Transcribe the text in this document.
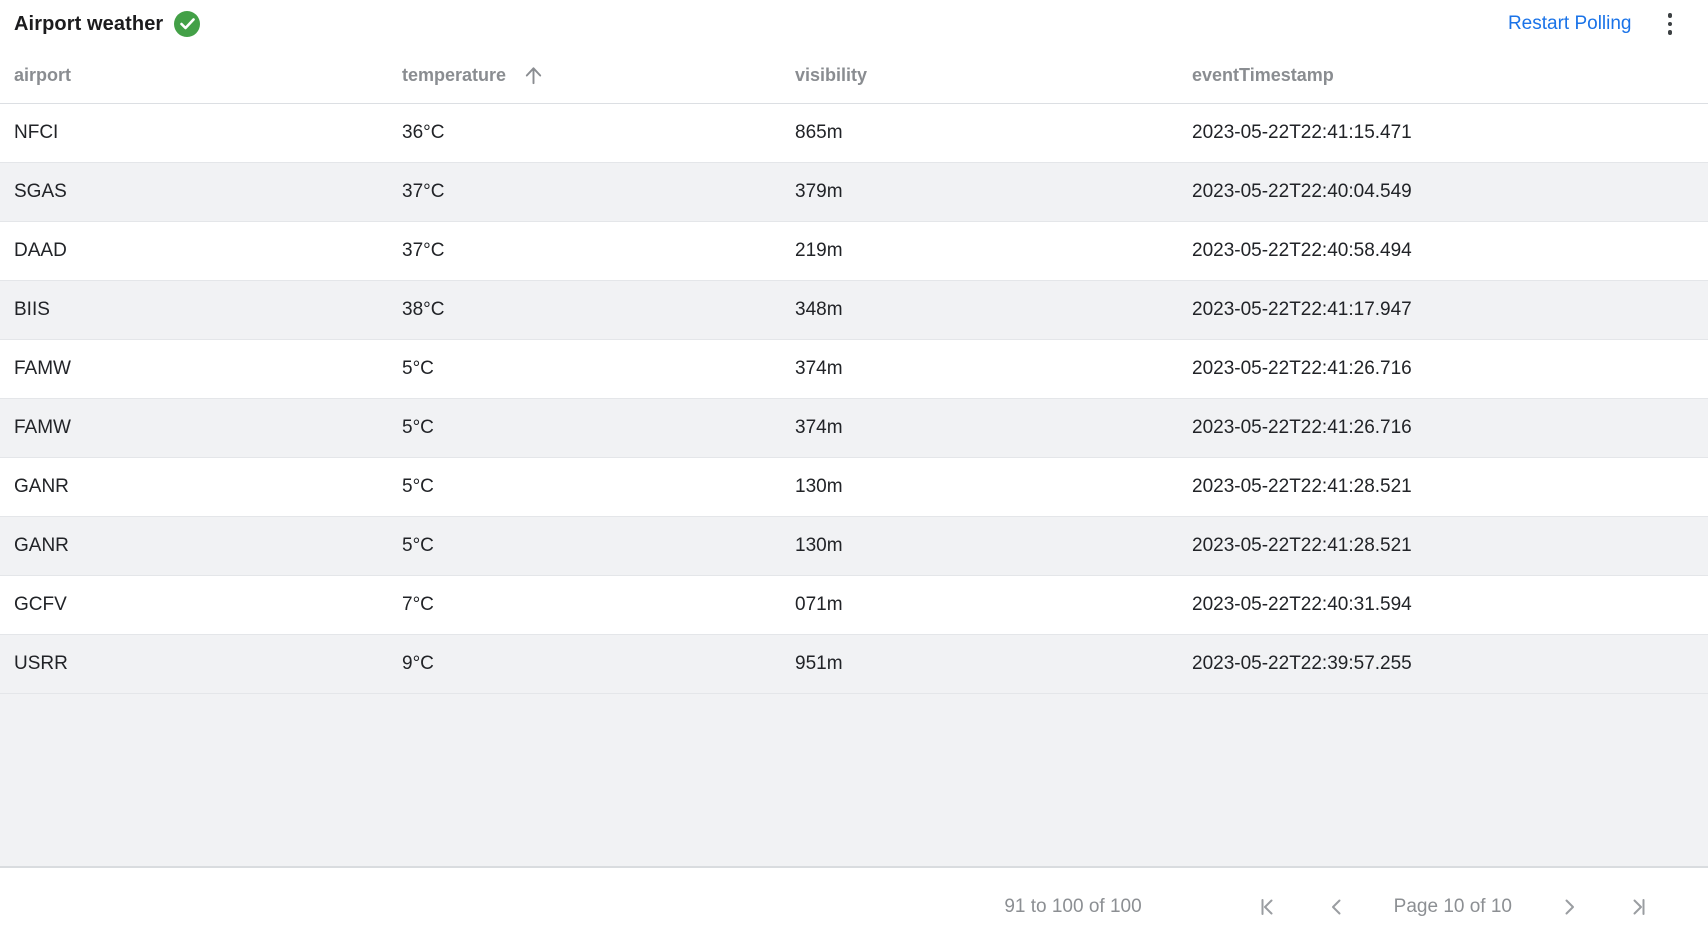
Airport weather	Restart Polling
airport	temperature	visibility	eventTimestamp
NFCI	36°C	865m	2023-05-22T22:41:15.471
SGAS	37°C	379m	2023-05-22T22:40:04.549
DAAD	37°C	219m	2023-05-22T22:40:58.494
BIIS	38°C	348m	2023-05-22T22:41:17.947
FAMW	5°C	374m	2023-05-22T22:41:26.716
FAMW	5°C	374m	2023-05-22T22:41:26.716
GANR	5°C	130m	2023-05-22T22:41:28.521
GANR	5°C	130m	2023-05-22T22:41:28.521
GCFV	7°C	071m	2023-05-22T22:40:31.594
USRR	9°C	951m	2023-05-22T22:39:57.255
91 to 100 of 100	Page 10 of 10
